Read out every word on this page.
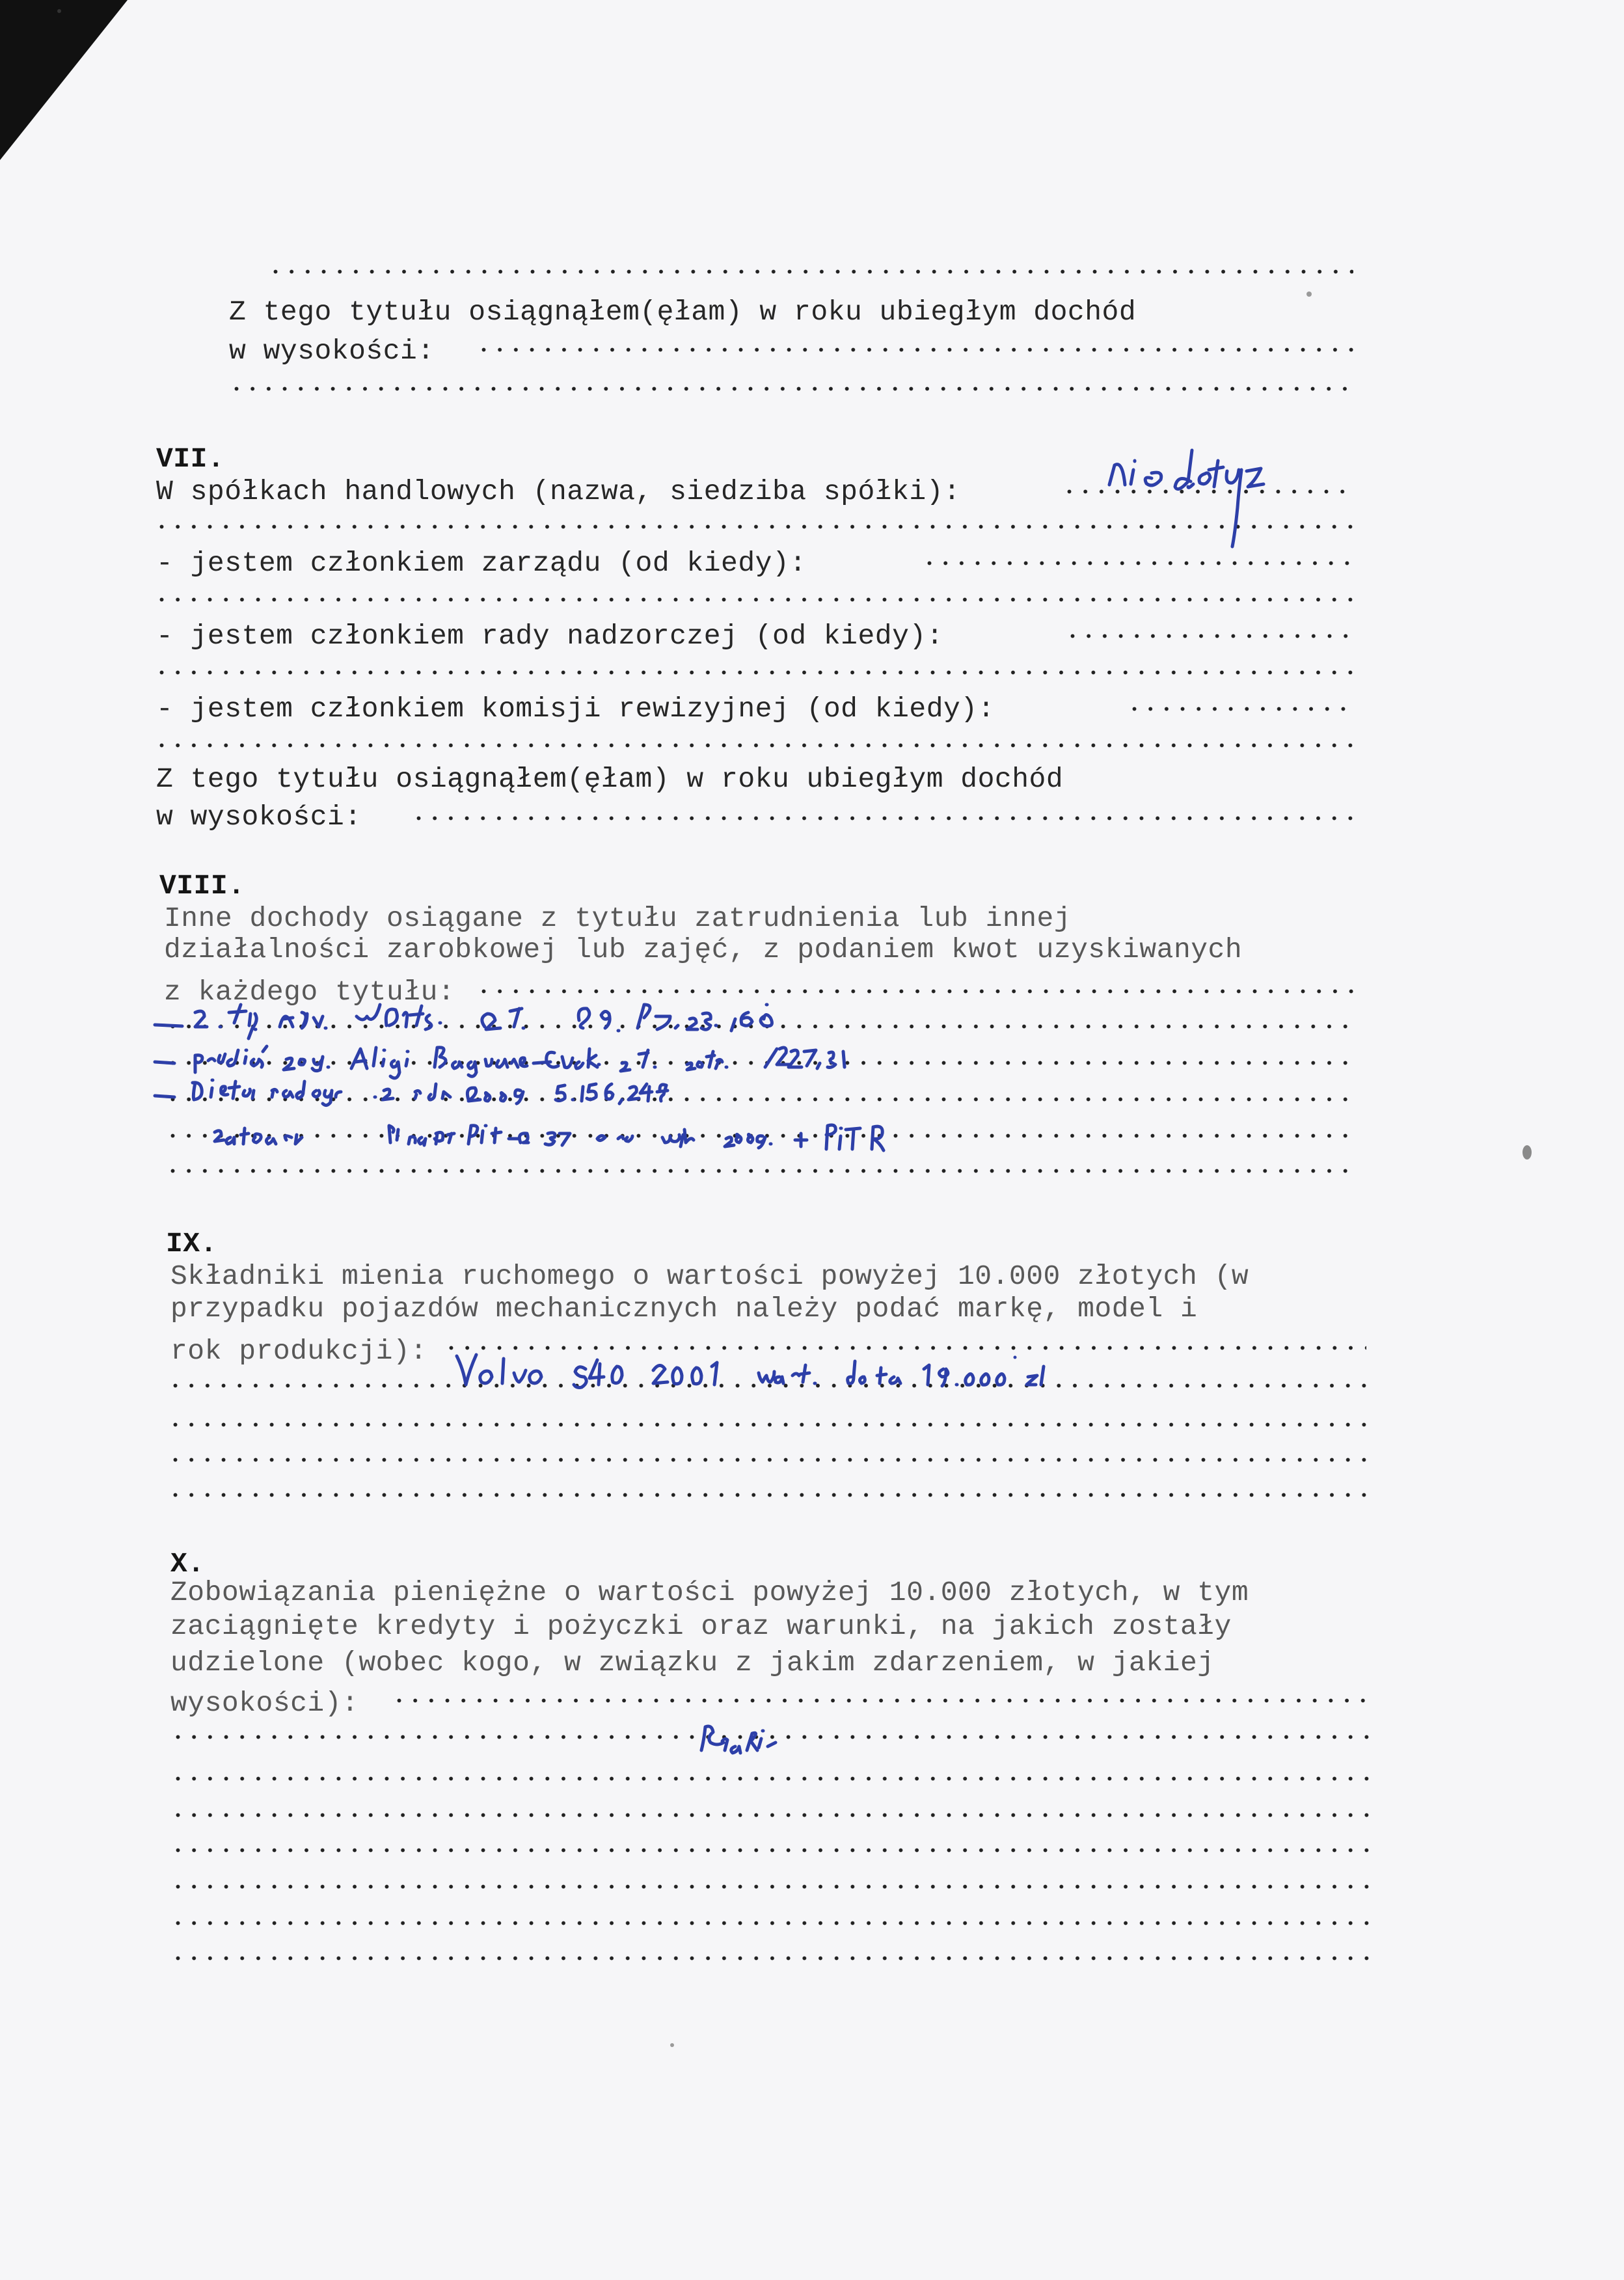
Z tego tytułu osiągnąłem(ęłam) w roku ubiegłym dochód
w wysokości:
VII.
W spółkach handlowych (nazwa, siedziba spółki):
- jestem członkiem zarządu (od kiedy):
- jestem członkiem rady nadzorczej (od kiedy):
- jestem członkiem komisji rewizyjnej (od kiedy):
Z tego tytułu osiągnąłem(ęłam) w roku ubiegłym dochód
w wysokości:
VIII.
Inne dochody osiągane z tytułu zatrudnienia lub innej
działalności zarobkowej lub zajęć, z podaniem kwot uzyskiwanych
z każdego tytułu:
IX.
Składniki mienia ruchomego o wartości powyżej 10.000 złotych (w
przypadku pojazdów mechanicznych należy podać markę, model i
rok produkcji):
X.
Zobowiązania pieniężne o wartości powyżej 10.000 złotych, w tym
zaciągnięte kredyty i pożyczki oraz warunki, na jakich zostały
udzielone (wobec kogo, w związku z jakim zdarzeniem, w jakiej
wysokości):
